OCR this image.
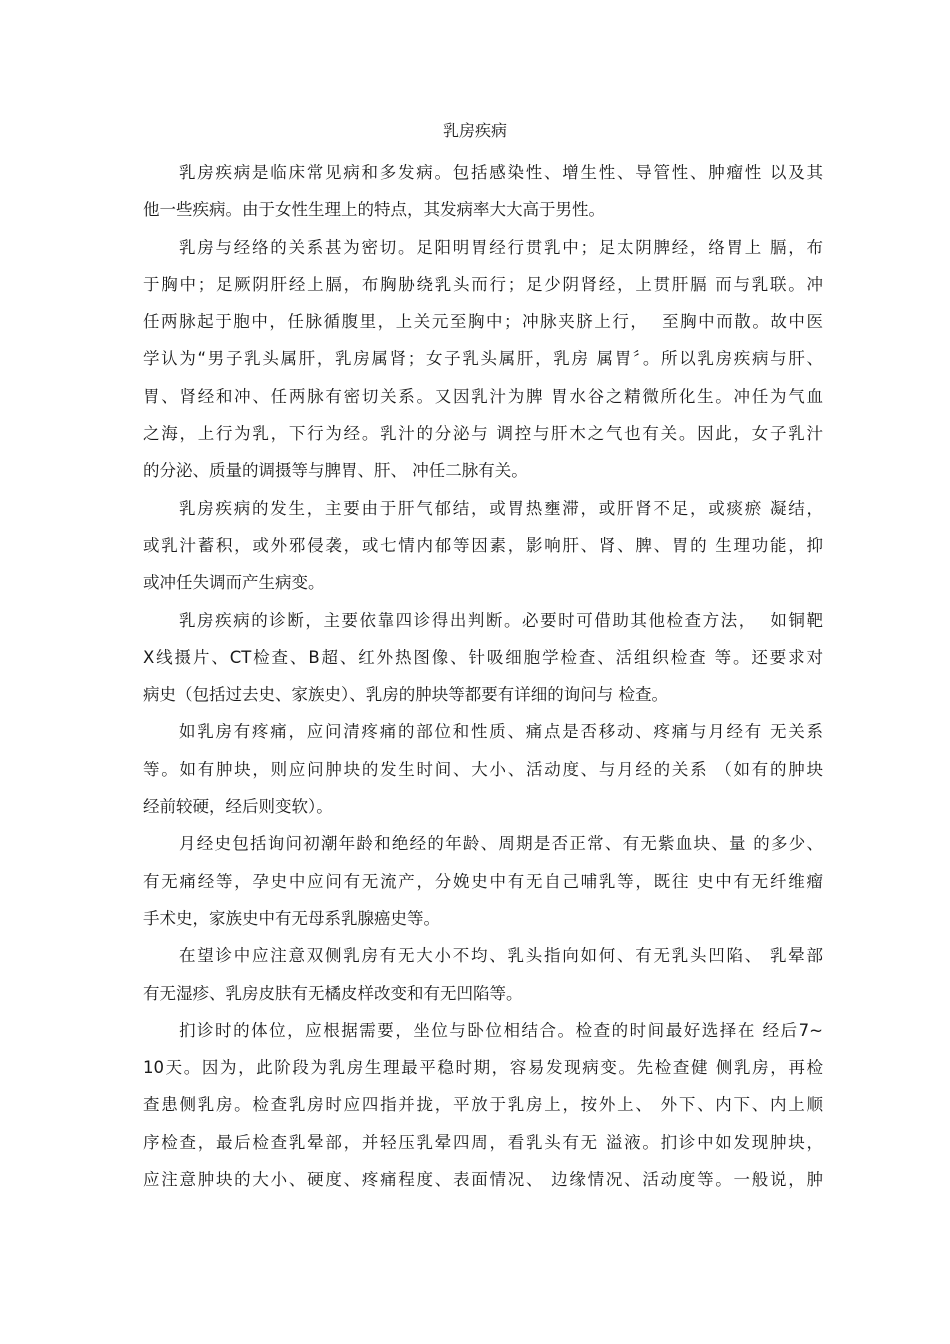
乳房疾病
乳房疾病是临床常见病和多发病。包括感染性、增生性、导管性、肿瘤性 以及其
他一些疾病。由于女性生理上的特点，其发病率大大高于男性。
乳房与经络的关系甚为密切。足阳明胃经行贯乳中；足太阴脾经，络胃上 膈，布
于胸中；足厥阴肝经上膈，布胸胁绕乳头而行；足少阴肾经，上贯肝膈 而与乳联。冲
任两脉起于胞中，任脉循腹里，上关元至胸中；冲脉夹脐上行，  至胸中而散。故中医
学认为“男子乳头属肝，乳房属肾；女子乳头属肝，乳房 属胃〞。所以乳房疾病与肝、
胃、肾经和冲、任两脉有密切关系。又因乳汁为脾 胃水谷之精微所化生。冲任为气血
之海，上行为乳，下行为经。乳汁的分泌与 调控与肝木之气也有关。因此，女子乳汁
的分泌、质量的调摄等与脾胃、肝、 冲任二脉有关。
乳房疾病的发生，主要由于肝气郁结，或胃热壅滞，或肝肾不足，或痰瘀 凝结，
或乳汁蓄积，或外邪侵袭，或七情内郁等因素，影响肝、肾、脾、胃的 生理功能，抑
或冲任失调而产生病变。
乳房疾病的诊断，主要依靠四诊得出判断。必要时可借助其他检查方法，  如铜靶
X线摄片、CT检查、B超、红外热图像、针吸细胞学检查、活组织检查 等。还要求对
病史（包括过去史、家族史）、乳房的肿块等都要有详细的询问与 检查。
如乳房有疼痛，应问清疼痛的部位和性质、痛点是否移动、疼痛与月经有 无关系
等。如有肿块，则应问肿块的发生时间、大小、活动度、与月经的关系 （如有的肿块
经前较硬，经后则变软）。
月经史包括询问初潮年龄和绝经的年龄、周期是否正常、有无紫血块、量 的多少、
有无痛经等，孕史中应问有无流产，分娩史中有无自己哺乳等，既往 史中有无纤维瘤
手术史，家族史中有无母系乳腺癌史等。
在望诊中应注意双侧乳房有无大小不均、乳头指向如何、有无乳头凹陷、 乳晕部
有无湿疹、乳房皮肤有无橘皮样改变和有无凹陷等。
扪诊时的体位，应根据需要，坐位与卧位相结合。检查的时间最好选择在 经后7~
10天。因为，此阶段为乳房生理最平稳时期，容易发现病变。先检查健 侧乳房，再检
查患侧乳房。检查乳房时应四指并拢，平放于乳房上，按外上、 外下、内下、内上顺
序检查，最后检查乳晕部，并轻压乳晕四周，看乳头有无 溢液。扪诊中如发现肿块，
应注意肿块的大小、硬度、疼痛程度、表面情况、 边缘情况、活动度等。一般说，肿
